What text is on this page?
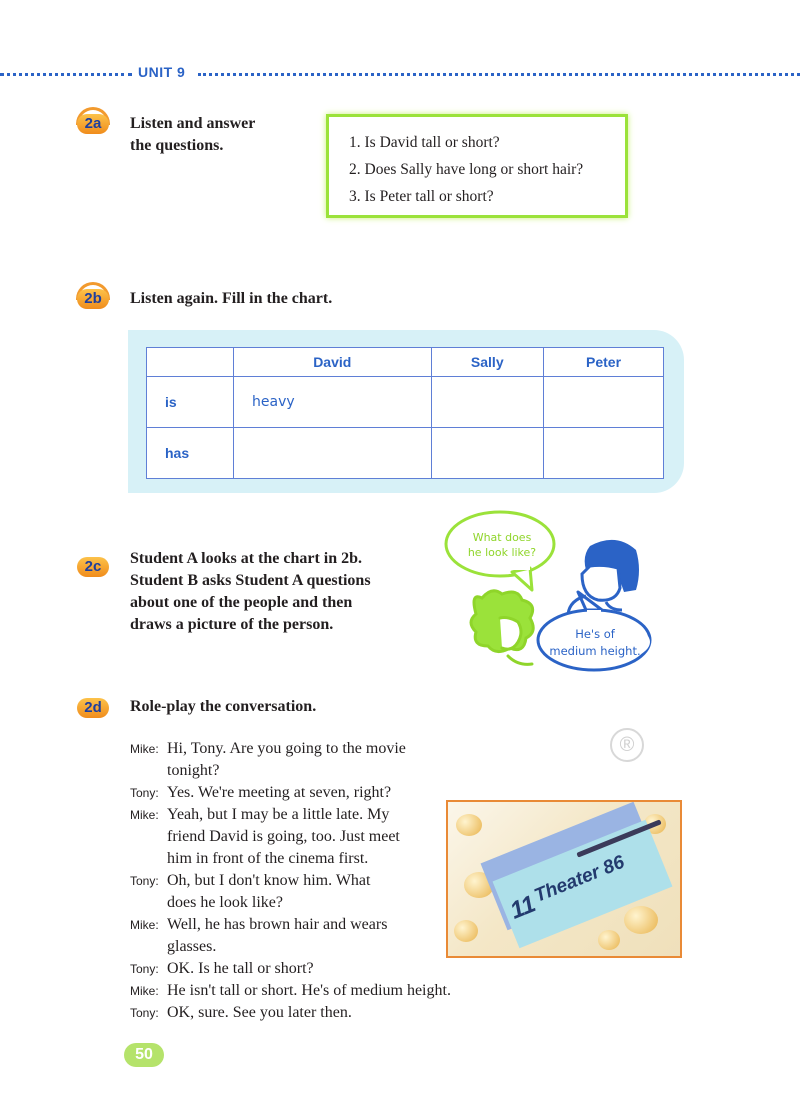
UNIT 9
2a	Listen and answer
the questions.	1. Is David tall or short?
2. Does Sally have long or short hair?
3. Is Peter tall or short?
2b	Listen again. Fill in the chart.
	David	Sally	Peter
is	heavy		
has			
2c	Student A looks at the chart in 2b.
Student B asks Student A questions
about one of the people and then
draws a picture of the person.
What does
he look like?
He's of
medium height.
2d	Role-play the conversation.
®
Mike: Hi, Tony. Are you going to the movie
tonight?
Tony: Yes. We're meeting at seven, right?
Mike: Yeah, but I may be a little late. My
friend David is going, too. Just meet
him in front of the cinema first.
Tony: Oh, but I don't know him. What
does he look like?
Mike: Well, he has brown hair and wears
glasses.
Tony: OK. Is he tall or short?
Mike: He isn't tall or short. He's of medium height.
Tony: OK, sure. See you later then.
11
Theater 86
50
